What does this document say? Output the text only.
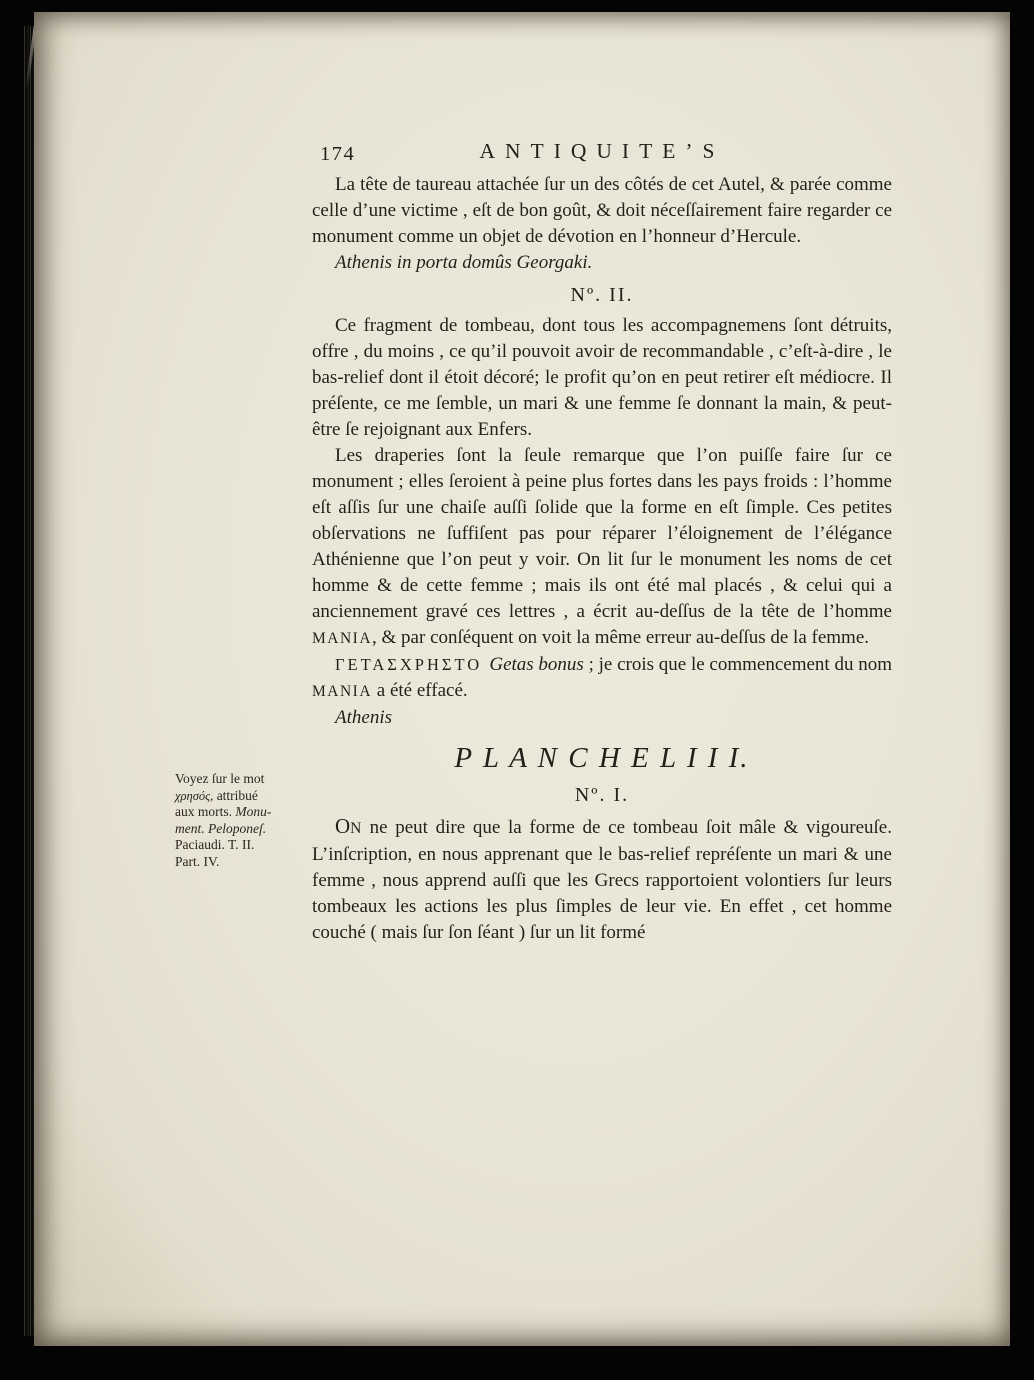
174	ANTIQUITE’S

La tête de taureau attachée ſur un des côtés de cet Autel, & parée comme celle d’une victime , eſt de bon goût, & doit néceſſairement faire regarder ce monument comme un objet de dévotion en l’honneur d’Hercule.

Athenis in porta domûs Georgaki.

Nº. II.

Ce fragment de tombeau, dont tous les accompagnemens ſont détruits, offre , du moins , ce qu’il pouvoit avoir de recommandable , c’eſt-à-dire , le bas-relief dont il étoit décoré; le profit qu’on en peut retirer eſt médiocre. Il préſente, ce me ſemble, un mari & une femme ſe donnant la main, & peut-être ſe rejoignant aux Enfers.

Les draperies ſont la ſeule remarque que l’on puiſſe faire ſur ce monument ; elles ſeroient à peine plus fortes dans les pays froids : l’homme eſt aſſis ſur une chaiſe auſſi ſolide que la forme en eſt ſimple. Ces petites obſervations ne ſuffiſent pas pour réparer l’éloignement de l’élégance Athénienne que l’on peut y voir. On lit ſur le monument les noms de cet homme & de cette femme ; mais ils ont été mal placés , & celui qui a anciennement gravé ces lettres , a écrit au-deſſus de la tête de l’homme MANIA, & par conſéquent on voit la même erreur au-deſſus de la femme.

ΓΕΤΑΣΧΡΗΣΤΟ Getas bonus ; je crois que le commencement du nom MANIA a été effacé.

Athenis

P L A N C H E L I I I.
Nº. I.

ON ne peut dire que la forme de ce tombeau ſoit mâle & vigoureuſe. L’inſcription, en nous apprenant que le bas-relief repréſente un mari & une femme , nous apprend auſſi que les Grecs rapportoient volontiers ſur leurs tombeaux les actions les plus ſimples de leur vie. En effet , cet homme couché ( mais ſur ſon ſéant ) ſur un lit formé

Voyez ſur le mot
χρησός, attribué
aux morts. Monu-
ment. Peloponeſ.
Paciaudi. T. II.
Part. IV.
